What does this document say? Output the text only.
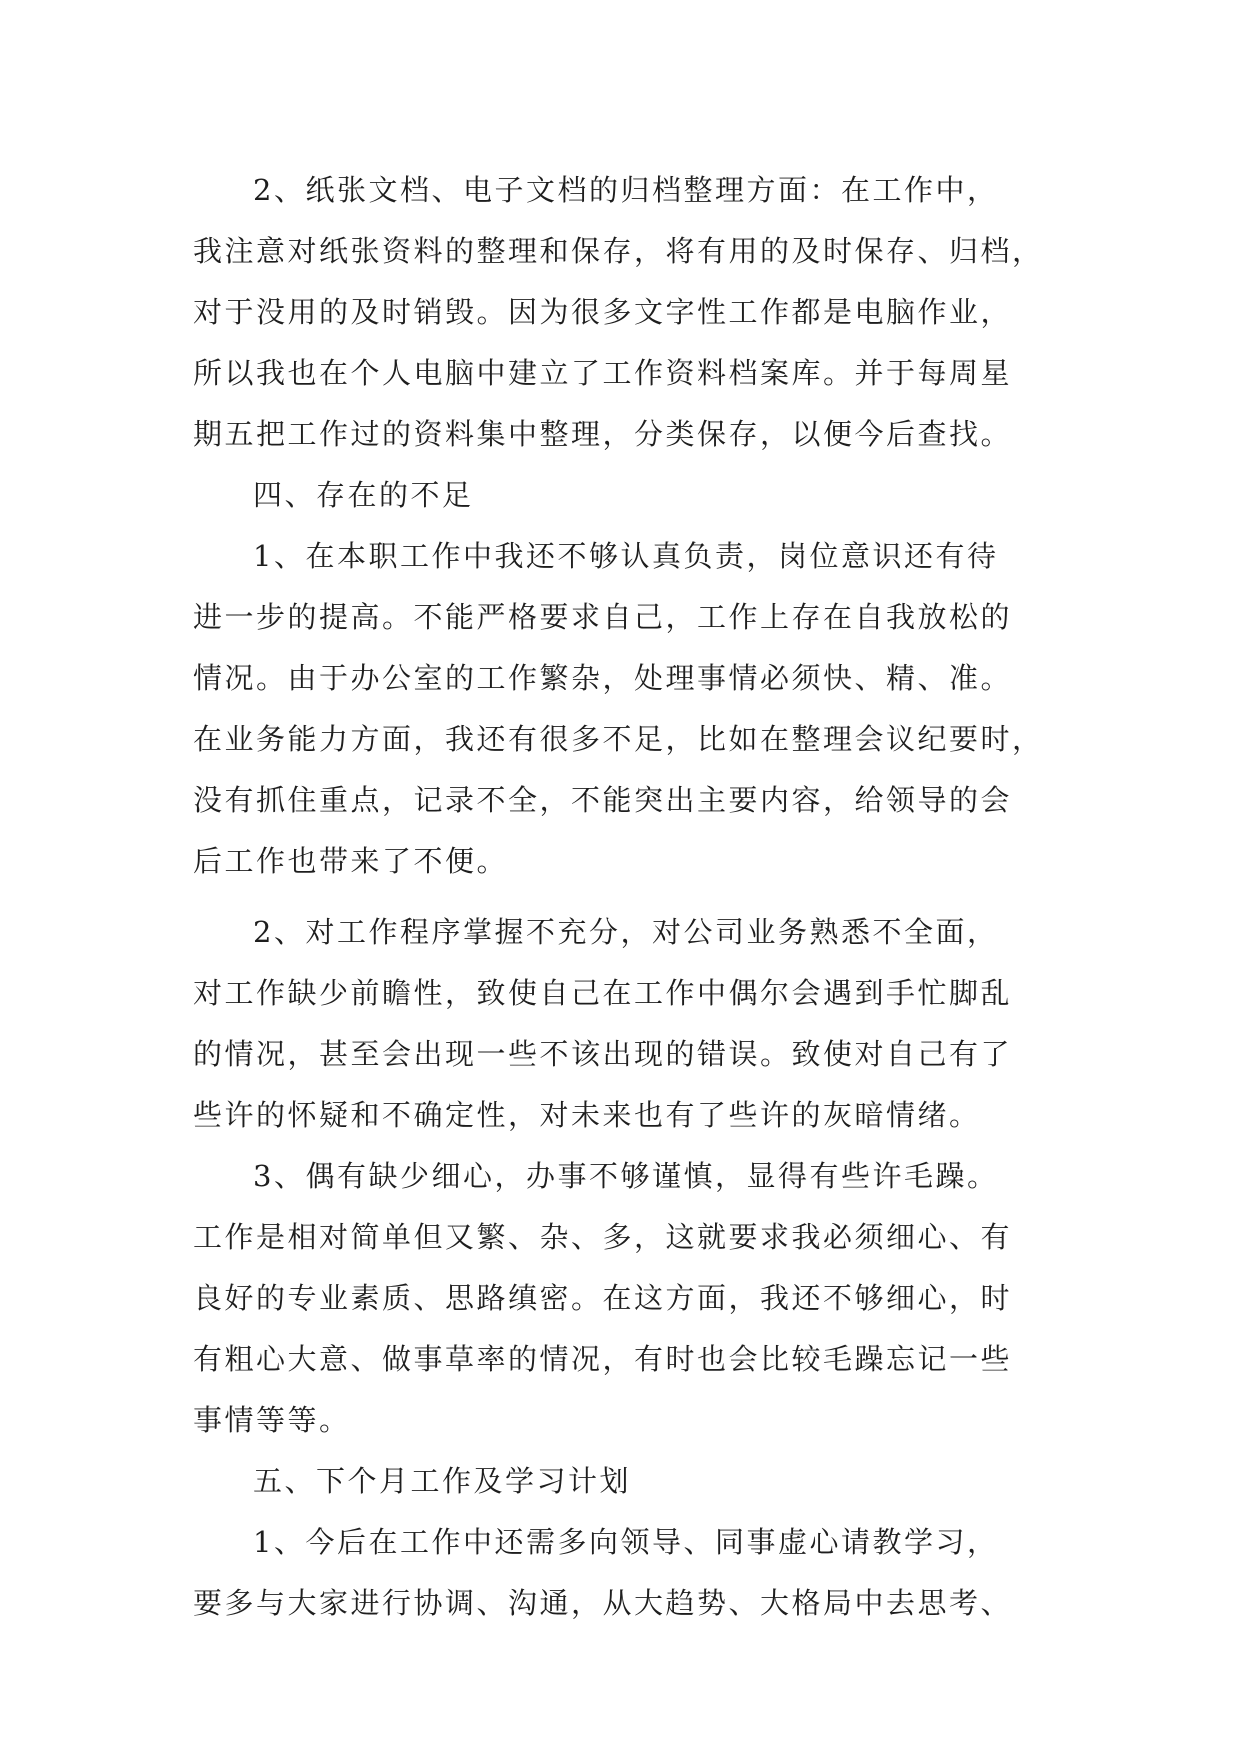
2、纸张文档、电子文档的归档整理方面：在工作中，
我注意对纸张资料的整理和保存，将有用的及时保存、归档，
对于没用的及时销毁。因为很多文字性工作都是电脑作业，
所以我也在个人电脑中建立了工作资料档案库。并于每周星
期五把工作过的资料集中整理，分类保存，以便今后查找。
四、存在的不足
1、在本职工作中我还不够认真负责，岗位意识还有待
进一步的提高。不能严格要求自己，工作上存在自我放松的
情况。由于办公室的工作繁杂，处理事情必须快、精、准。
在业务能力方面，我还有很多不足，比如在整理会议纪要时，
没有抓住重点，记录不全，不能突出主要内容，给领导的会
后工作也带来了不便。
2、对工作程序掌握不充分，对公司业务熟悉不全面，
对工作缺少前瞻性，致使自己在工作中偶尔会遇到手忙脚乱
的情况，甚至会出现一些不该出现的错误。致使对自己有了
些许的怀疑和不确定性，对未来也有了些许的灰暗情绪。
3、偶有缺少细心，办事不够谨慎，显得有些许毛躁。
工作是相对简单但又繁、杂、多，这就要求我必须细心、有
良好的专业素质、思路缜密。在这方面，我还不够细心，时
有粗心大意、做事草率的情况，有时也会比较毛躁忘记一些
事情等等。
五、下个月工作及学习计划
1、今后在工作中还需多向领导、同事虚心请教学习，
要多与大家进行协调、沟通，从大趋势、大格局中去思考、
